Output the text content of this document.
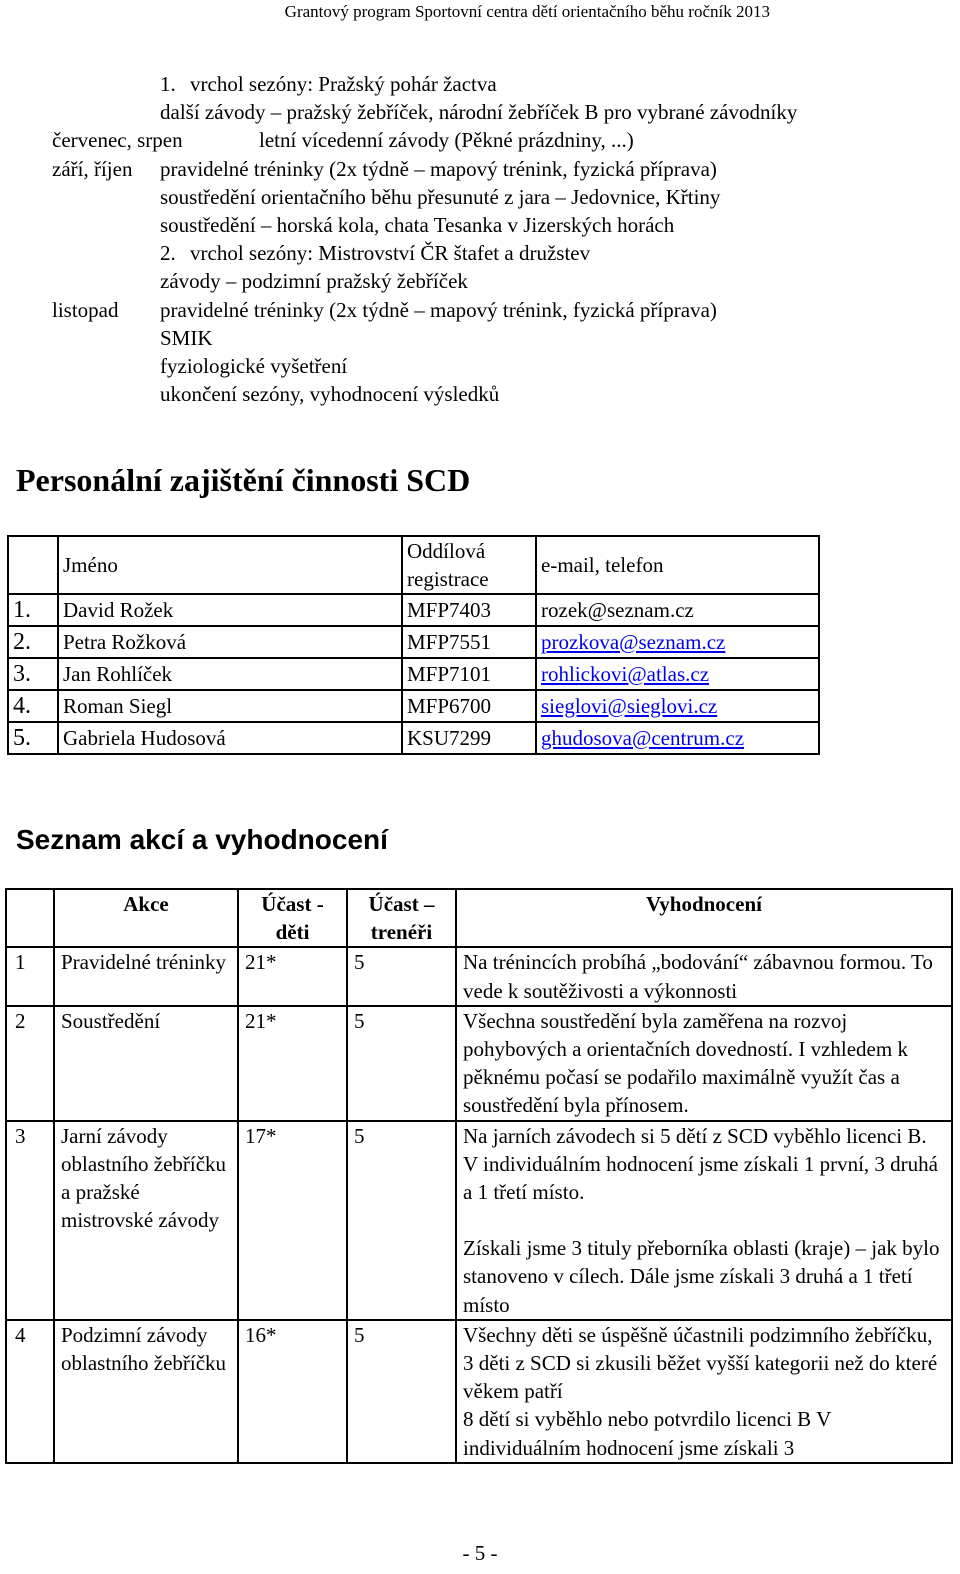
Grantový program Sportovní centra dětí orientačního běhu ročník 2013
1. vrchol sezóny: Pražský pohár žactva
další závody – pražský žebříček, národní žebříček B pro vybrané závodníky
červenec, srpen	letní vícedenní závody (Pěkné prázdniny, ...)
září, říjen pravidelné tréninky (2x týdně – mapový trénink, fyzická příprava)
soustředění orientačního běhu přesunuté z jara – Jedovnice, Křtiny
soustředění – horská kola, chata Tesanka v Jizerských horách
2. vrchol sezóny: Mistrovství ČR štafet a družstev
závody – podzimní pražský žebříček
listopad pravidelné tréninky (2x týdně – mapový trénink, fyzická příprava)
SMIK
fyziologické vyšetření
ukončení sezóny, vyhodnocení výsledků
Personální zajištění činnosti SCD
	Jméno	Oddílová registrace	e-mail, telefon
1.	David Rožek	MFP7403	rozek@seznam.cz
2.	Petra Rožková	MFP7551	prozkova@seznam.cz
3.	Jan Rohlíček	MFP7101	rohlickovi@atlas.cz
4.	Roman Siegl	MFP6700	sieglovi@sieglovi.cz
5.	Gabriela Hudosová	KSU7299	ghudosova@centrum.cz
Seznam akcí a vyhodnocení
	Akce	Účast - děti	Účast – trenéři	Vyhodnocení
1	Pravidelné tréninky	21*	5	Na trénincích probíhá „bodování“ zábavnou formou. To vede k soutěživosti a výkonnosti
2	Soustředění	21*	5	Všechna soustředění byla zaměřena na rozvoj pohybových a orientačních dovedností. I vzhledem k pěknému počasí se podařilo maximálně využít čas a soustředění byla přínosem.
3	Jarní závody oblastního žebříčku a pražské mistrovské závody	17*	5	Na jarních závodech si 5 dětí z SCD vyběhlo licenci B. V individuálním hodnocení jsme získali 1 první, 3 druhá a 1 třetí místo.
Získali jsme 3 tituly přeborníka oblasti (kraje) – jak bylo stanoveno v cílech. Dále jsme získali 3 druhá a 1 třetí místo
4	Podzimní závody oblastního žebříčku	16*	5	Všechny děti se úspěšně účastnili podzimního žebříčku, 3 děti z SCD si zkusili běžet vyšší kategorii než do které věkem patří
8 dětí si vyběhlo nebo potvrdilo licenci B V individuálním hodnocení jsme získali 3
- 5 -
